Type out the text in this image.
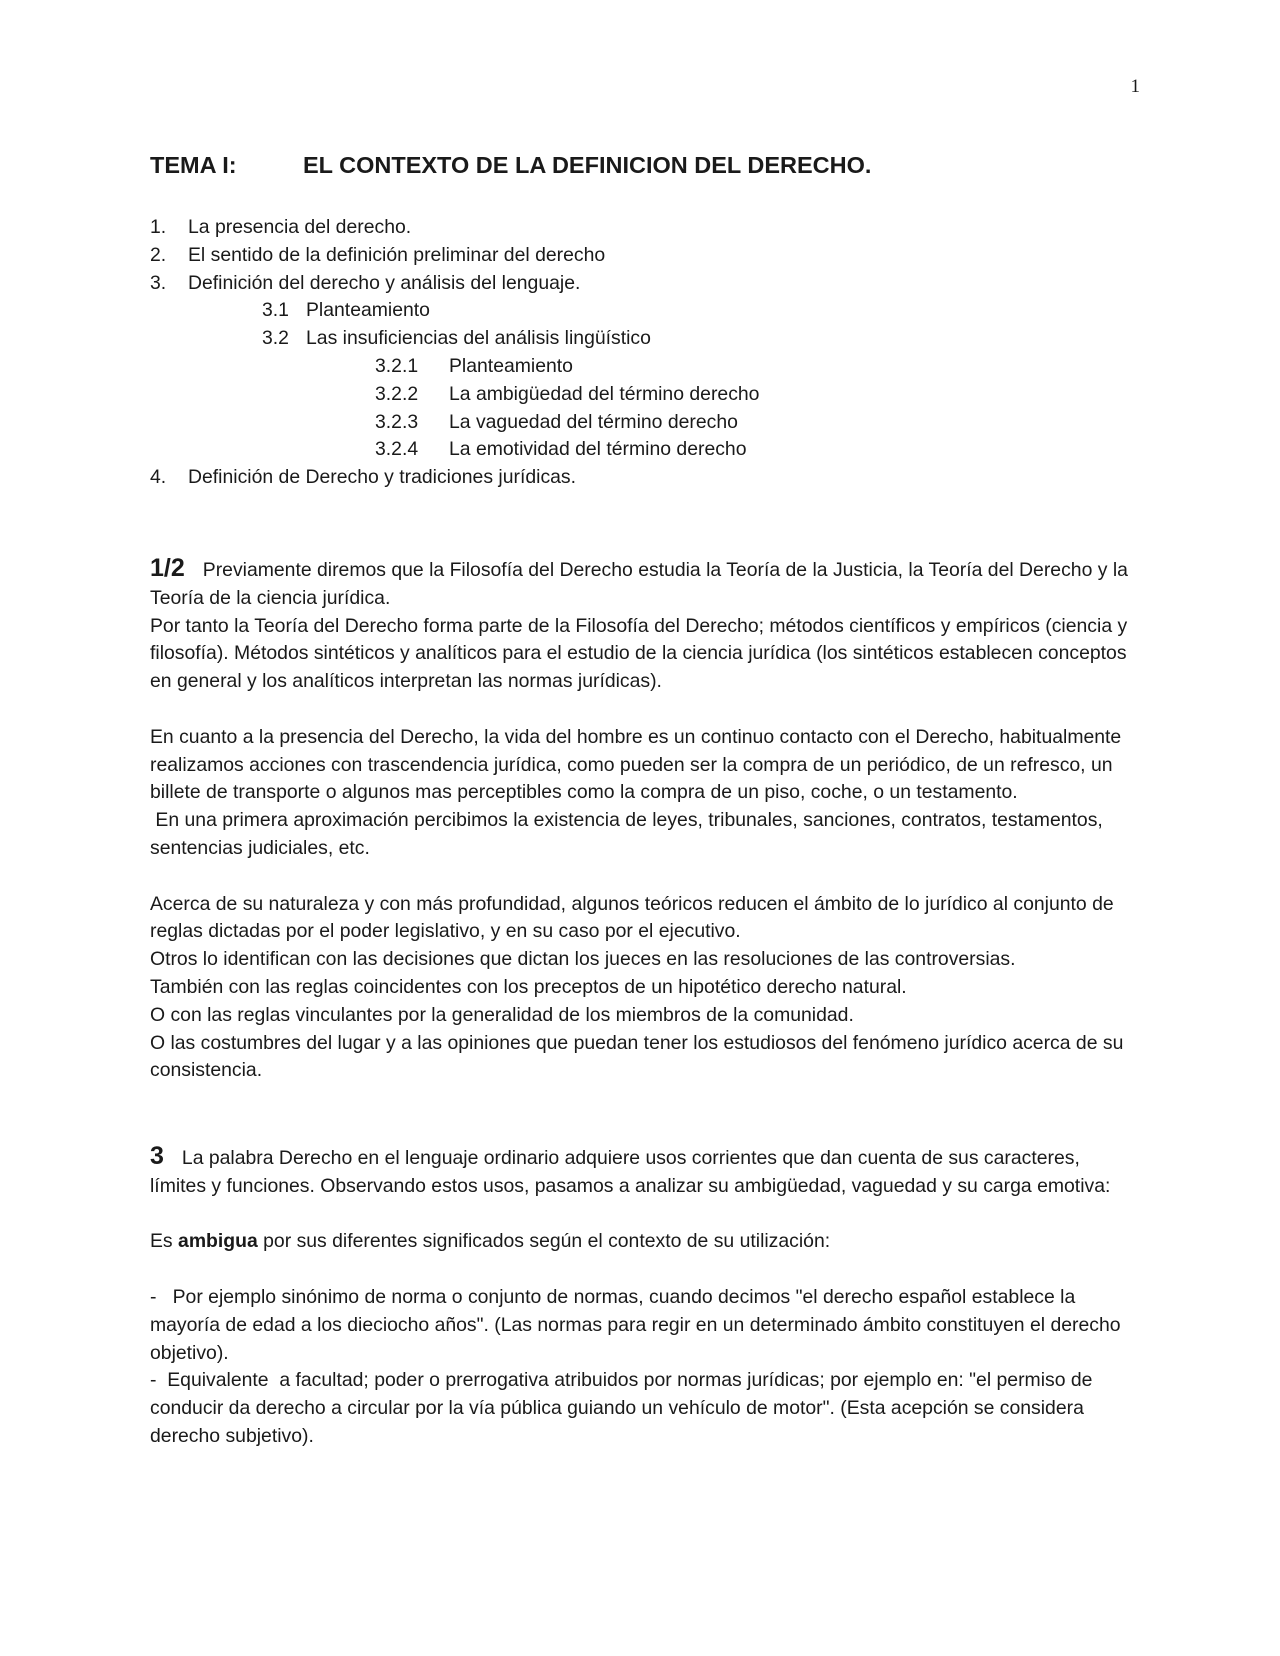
1
TEMA I:	EL CONTEXTO DE LA DEFINICION DEL DERECHO.
1. La presencia del derecho.
2. El sentido de la definición preliminar del derecho
3. Definición del derecho y análisis del lenguaje.
3.1 Planteamiento
3.2 Las insuficiencias del análisis lingüístico
3.2.1 Planteamiento
3.2.2 La ambigüedad del término derecho
3.2.3 La vaguedad del término derecho
3.2.4 La emotividad del término derecho
4. Definición de Derecho y tradiciones jurídicas.

1/2 Previamente diremos que la Filosofía del Derecho estudia la Teoría de la Justicia, la Teoría del Derecho y la Teoría de la ciencia jurídica.

Por tanto la Teoría del Derecho forma parte de la Filosofía del Derecho; métodos científicos y empíricos (ciencia y filosofía). Métodos sintéticos y analíticos para el estudio de la ciencia jurídica (los sintéticos establecen conceptos en general y los analíticos interpretan las normas jurídicas).

En cuanto a la presencia del Derecho, la vida del hombre es un continuo contacto con el Derecho, habitualmente realizamos acciones con trascendencia jurídica, como pueden ser la compra de un periódico, de un refresco, un billete de transporte o algunos mas perceptibles como la compra de un piso, coche, o un testamento.

En una primera aproximación percibimos la existencia de leyes, tribunales, sanciones, contratos, testamentos, sentencias judiciales, etc.

Acerca de su naturaleza y con más profundidad, algunos teóricos reducen el ámbito de lo jurídico al conjunto de reglas dictadas por el poder legislativo, y en su caso por el ejecutivo.

Otros lo identifican con las decisiones que dictan los jueces en las resoluciones de las controversias.

También con las reglas coincidentes con los preceptos de un hipotético derecho natural.

O con las reglas vinculantes por la generalidad de los miembros de la comunidad.

O las costumbres del lugar y a las opiniones que puedan tener los estudiosos del fenómeno jurídico acerca de su consistencia.

3 La palabra Derecho en el lenguaje ordinario adquiere usos corrientes que dan cuenta de sus caracteres, límites y funciones. Observando estos usos, pasamos a analizar su ambigüedad, vaguedad y su carga emotiva:

Es ambigua por sus diferentes significados según el contexto de su utilización:

-   Por ejemplo sinónimo de norma o conjunto de normas, cuando decimos "el derecho español establece la mayoría de edad a los dieciocho años". (Las normas para regir en un determinado ámbito constituyen el derecho objetivo).

-  Equivalente  a facultad; poder o prerrogativa atribuidos por normas jurídicas; por ejemplo en: "el permiso de conducir da derecho a circular por la vía pública guiando un vehículo de motor". (Esta acepción se considera derecho subjetivo).
